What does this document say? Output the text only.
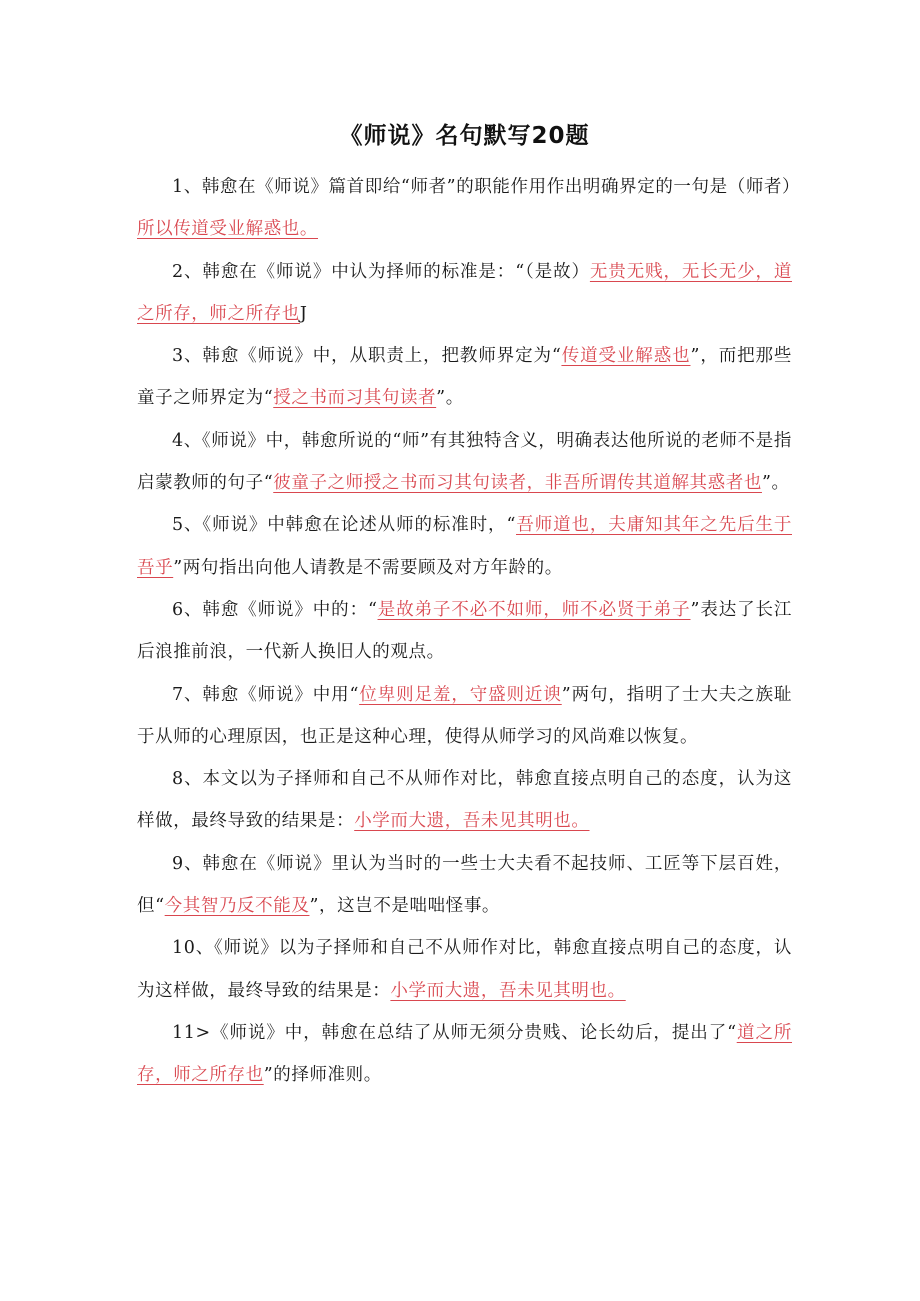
《师说》名句默写20题

1、韩愈在《师说》篇首即给“师者”的职能作用作出明确界定的一句是（师者）所以传道受业解惑也。

2、韩愈在《师说》中认为择师的标准是：“（是故）无贵无贱，无长无少，道之所存，师之所存也J

3、韩愈《师说》中，从职责上，把教师界定为“传道受业解惑也”，而把那些童子之师界定为“授之书而习其句读者”。

4、《师说》中，韩愈所说的“师”有其独特含义，明确表达他所说的老师不是指启蒙教师的句子“彼童子之师授之书而习其句读者，非吾所谓传其道解其惑者也”。

5、《师说》中韩愈在论述从师的标准时，“吾师道也，夫庸知其年之先后生于吾乎”两句指出向他人请教是不需要顾及对方年龄的。

6、韩愈《师说》中的：“是故弟子不必不如师，师不必贤于弟子”表达了长江后浪推前浪，一代新人换旧人的观点。

7、韩愈《师说》中用“位卑则足羞，守盛则近谀”两句，指明了士大夫之族耻于从师的心理原因，也正是这种心理，使得从师学习的风尚难以恢复。

8、本文以为子择师和自己不从师作对比，韩愈直接点明自己的态度，认为这样做，最终导致的结果是：小学而大遗，吾未见其明也。

9、韩愈在《师说》里认为当时的一些士大夫看不起技师、工匠等下层百姓，但“今其智乃反不能及”，这岂不是咄咄怪事。

10、《师说》以为子择师和自己不从师作对比，韩愈直接点明自己的态度，认为这样做，最终导致的结果是：小学而大遗，吾未见其明也。

11>《师说》中，韩愈在总结了从师无须分贵贱、论长幼后，提出了“道之所存，师之所存也”的择师准则。
